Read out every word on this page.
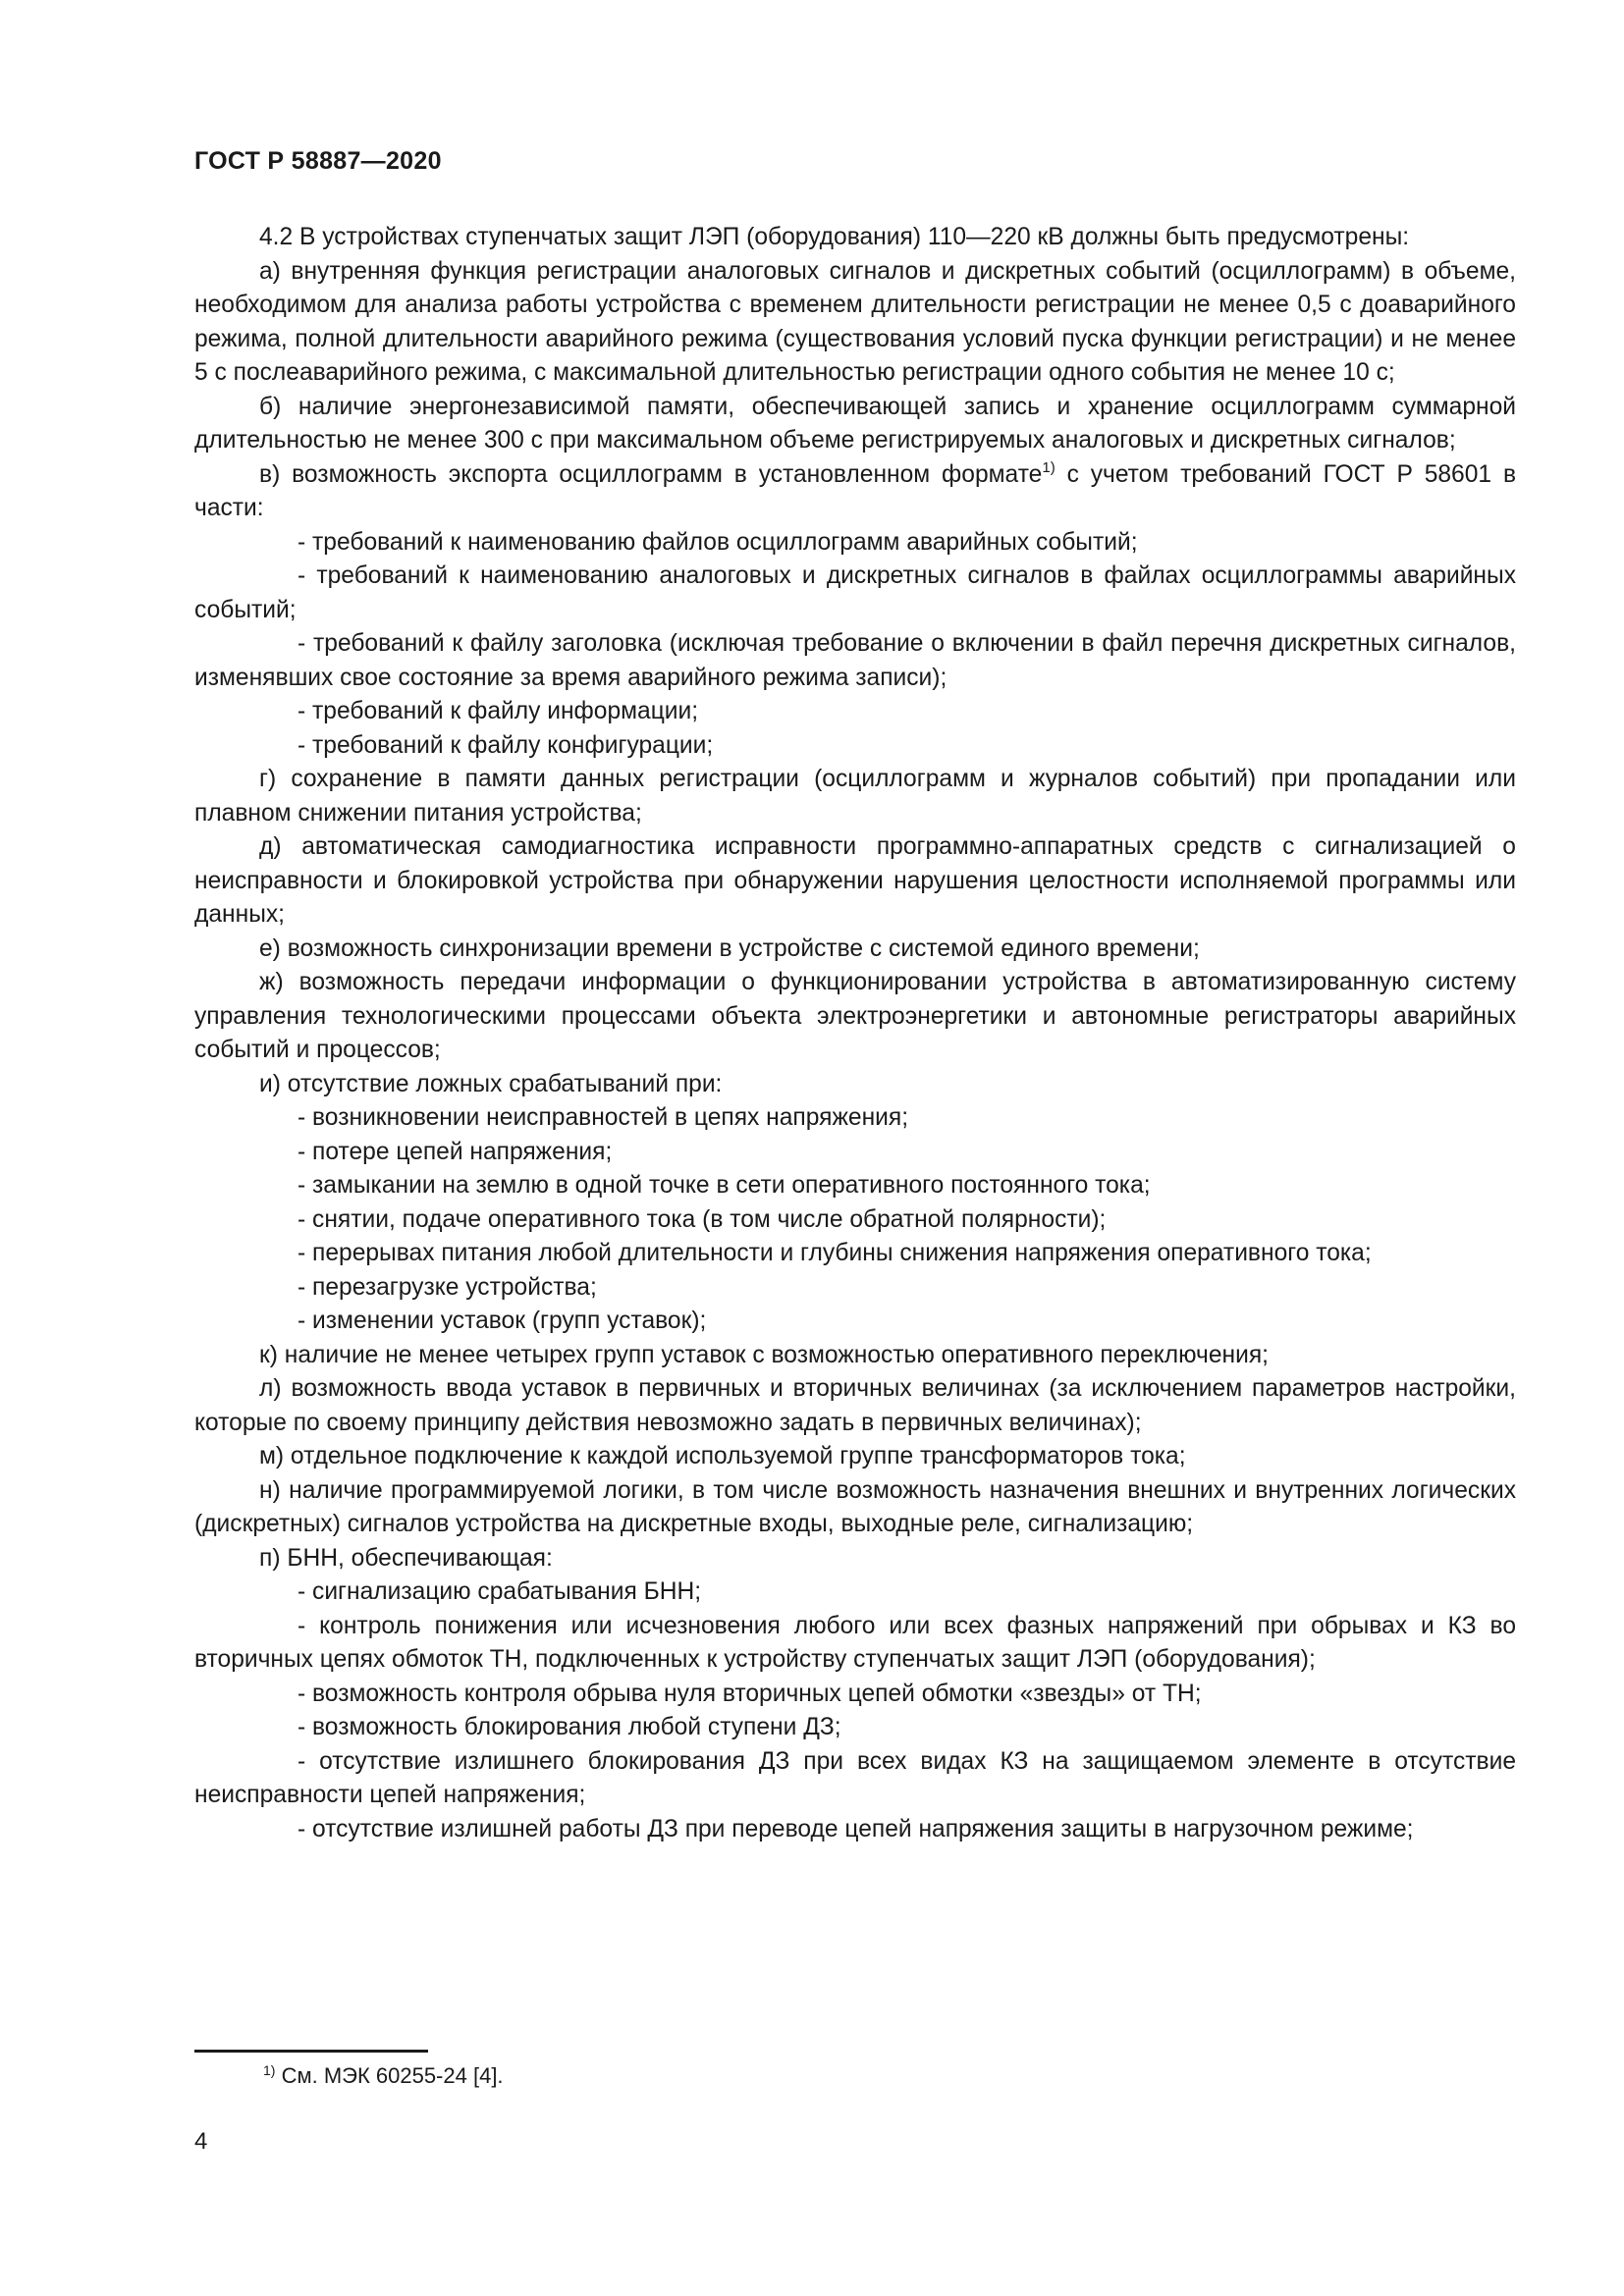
ГОСТ Р 58887—2020

4.2 В устройствах ступенчатых защит ЛЭП (оборудования) 110—220 кВ должны быть предусмотрены:

а) внутренняя функция регистрации аналоговых сигналов и дискретных событий (осциллограмм) в объеме, необходимом для анализа работы устройства с временем длительности регистрации не менее 0,5 с доаварийного режима, полной длительности аварийного режима (существования условий пуска функции регистрации) и не менее 5 с послеаварийного режима, с максимальной длительностью регистрации одного события не менее 10 с;

б) наличие энергонезависимой памяти, обеспечивающей запись и хранение осциллограмм суммарной длительностью не менее 300 с при максимальном объеме регистрируемых аналоговых и дискретных сигналов;

в) возможность экспорта осциллограмм в установленном формате$^{1)}$ с учетом требований ГОСТ Р 58601 в части:

- требований к наименованию файлов осциллограмм аварийных событий;

- требований к наименованию аналоговых и дискретных сигналов в файлах осциллограммы аварийных событий;

- требований к файлу заголовка (исключая требование о включении в файл перечня дискретных сигналов, изменявших свое состояние за время аварийного режима записи);

- требований к файлу информации;

- требований к файлу конфигурации;

г) сохранение в памяти данных регистрации (осциллограмм и журналов событий) при пропадании или плавном снижении питания устройства;

д) автоматическая самодиагностика исправности программно-аппаратных средств с сигнализацией о неисправности и блокировкой устройства при обнаружении нарушения целостности исполняемой программы или данных;

е) возможность синхронизации времени в устройстве с системой единого времени;

ж) возможность передачи информации о функционировании устройства в автоматизированную систему управления технологическими процессами объекта электроэнергетики и автономные регистраторы аварийных событий и процессов;

и) отсутствие ложных срабатываний при:

- возникновении неисправностей в цепях напряжения;

- потере цепей напряжения;

- замыкании на землю в одной точке в сети оперативного постоянного тока;

- снятии, подаче оперативного тока (в том числе обратной полярности);

- перерывах питания любой длительности и глубины снижения напряжения оперативного тока;

- перезагрузке устройства;

- изменении уставок (групп уставок);

к) наличие не менее четырех групп уставок с возможностью оперативного переключения;

л) возможность ввода уставок в первичных и вторичных величинах (за исключением параметров настройки, которые по своему принципу действия невозможно задать в первичных величинах);

м) отдельное подключение к каждой используемой группе трансформаторов тока;

н) наличие программируемой логики, в том числе возможность назначения внешних и внутренних логических (дискретных) сигналов устройства на дискретные входы, выходные реле, сигнализацию;

п) БНН, обеспечивающая:

- сигнализацию срабатывания БНН;

- контроль понижения или исчезновения любого или всех фазных напряжений при обрывах и КЗ во вторичных цепях обмоток ТН, подключенных к устройству ступенчатых защит ЛЭП (оборудования);

- возможность контроля обрыва нуля вторичных цепей обмотки «звезды» от ТН;

- возможность блокирования любой ступени ДЗ;

- отсутствие излишнего блокирования ДЗ при всех видах КЗ на защищаемом элементе в отсутствие неисправности цепей напряжения;

- отсутствие излишней работы ДЗ при переводе цепей напряжения защиты в нагрузочном режиме;

$^{1)}$ См. МЭК 60255-24 [4].
4
